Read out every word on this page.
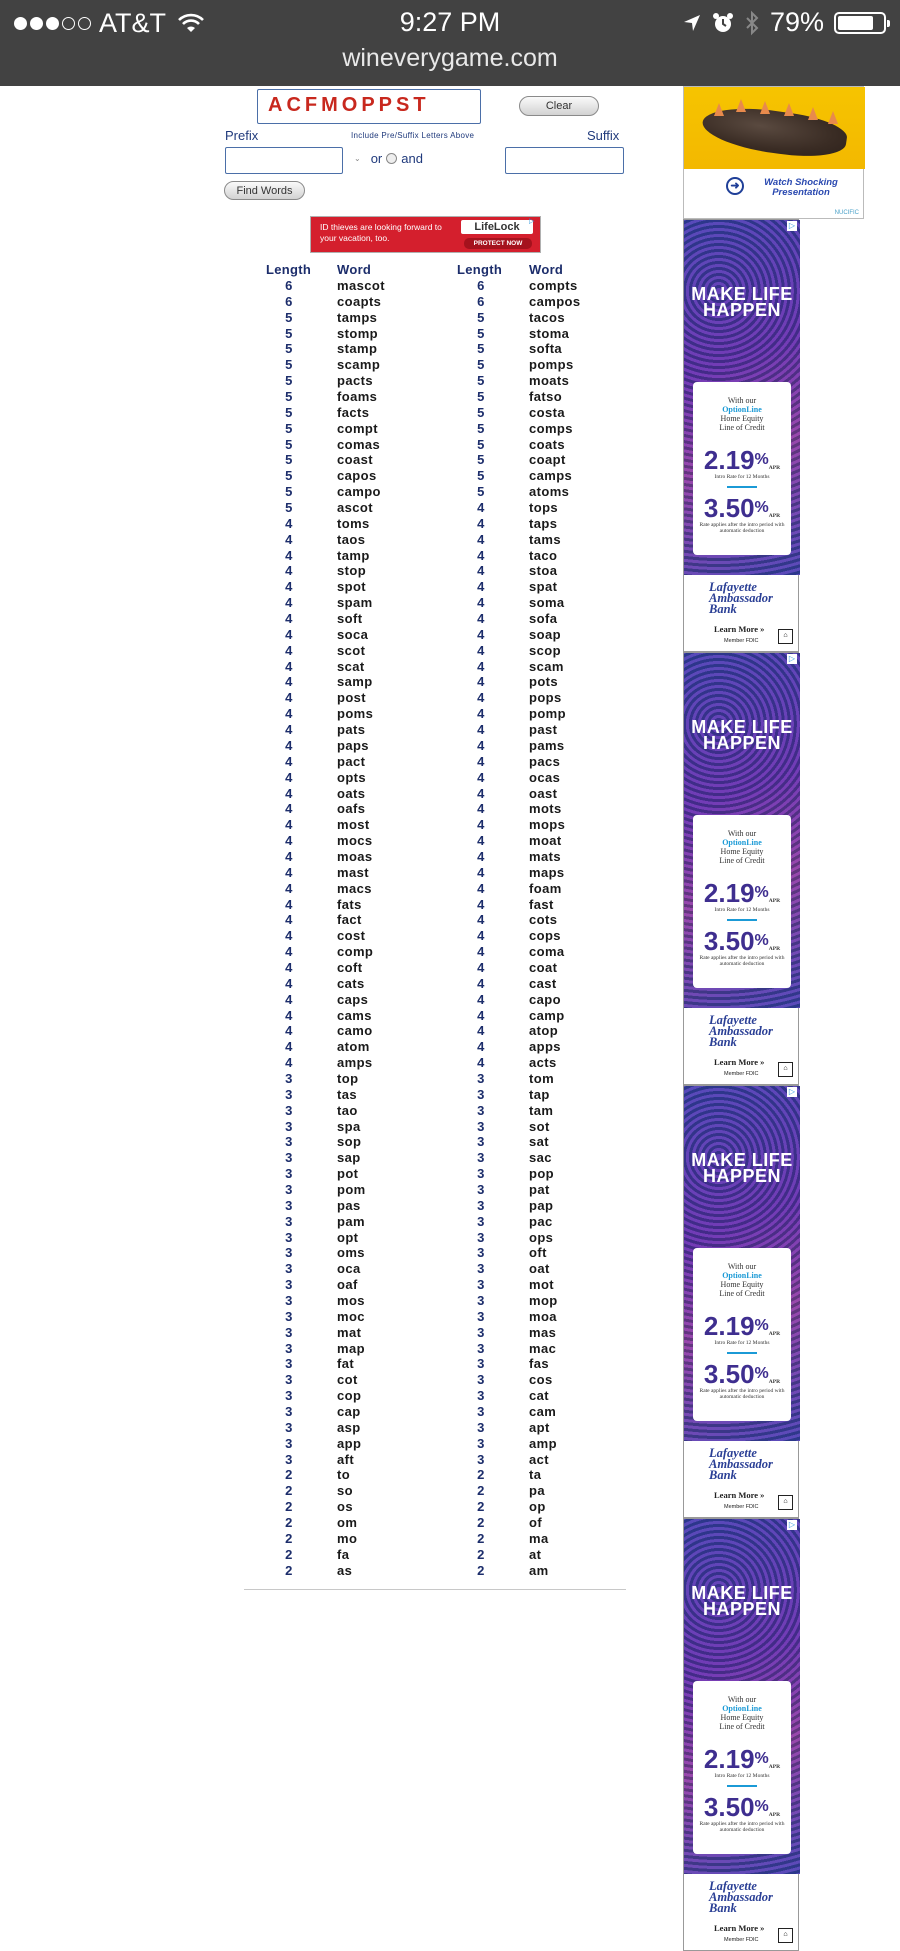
AT&T	9:27 PM	79%
wineverygame.com
ACFMOPPST	Clear
Prefix	Include Pre/Suffix Letters Above	Suffix
⌄ or and
Find Words
ID thieves are looking forward to your vacation, too.
LifeLock
PROTECT NOW
▷
Length Word	Length Word
6	mascot	6	compts
6	coapts	6	campos
5	tamps	5	tacos
5	stomp	5	stoma
5	stamp	5	softa
5	scamp	5	pomps
5	pacts	5	moats
5	foams	5	fatso
5	facts	5	costa
5	compt	5	comps
5	comas	5	coats
5	coast	5	coapt
5	capos	5	camps
5	campo	5	atoms
5	ascot	4	tops
4	toms	4	taps
4	taos	4	tams
4	tamp	4	taco
4	stop	4	stoa
4	spot	4	spat
4	spam	4	soma
4	soft	4	sofa
4	soca	4	soap
4	scot	4	scop
4	scat	4	scam
4	samp	4	pots
4	post	4	pops
4	poms	4	pomp
4	pats	4	past
4	paps	4	pams
4	pact	4	pacs
4	opts	4	ocas
4	oats	4	oast
4	oafs	4	mots
4	most	4	mops
4	mocs	4	moat
4	moas	4	mats
4	mast	4	maps
4	macs	4	foam
4	fats	4	fast
4	fact	4	cots
4	cost	4	cops
4	comp	4	coma
4	coft	4	coat
4	cats	4	cast
4	caps	4	capo
4	cams	4	camp
4	camo	4	atop
4	atom	4	apps
4	amps	4	acts
3	top	3	tom
3	tas	3	tap
3	tao	3	tam
3	spa	3	sot
3	sop	3	sat
3	sap	3	sac
3	pot	3	pop
3	pom	3	pat
3	pas	3	pap
3	pam	3	pac
3	opt	3	ops
3	oms	3	oft
3	oca	3	oat
3	oaf	3	mot
3	mos	3	mop
3	moc	3	moa
3	mat	3	mas
3	map	3	mac
3	fat	3	fas
3	cot	3	cos
3	cop	3	cat
3	cap	3	cam
3	asp	3	apt
3	app	3	amp
3	aft	3	act
2	to	2	ta
2	so	2	pa
2	os	2	op
2	om	2	of
2	mo	2	ma
2	fa	2	at
2	as	2	am
➜	Watch Shocking Presentation
NUCIFIC
MAKE LIFE HAPPEN
With our
OptionLine
Home Equity Line of Credit
2.19%APR
Intro Rate for 12 Months
3.50%APR
Rate applies after the intro period with automatic deduction
Lafayette Ambassador Bank
Learn More »
Member FDIC
⌂
▷
MAKE LIFE HAPPEN
With our
OptionLine
Home Equity Line of Credit
2.19%APR
Intro Rate for 12 Months
3.50%APR
Rate applies after the intro period with automatic deduction
Lafayette Ambassador Bank
Learn More »
Member FDIC
⌂
▷
MAKE LIFE HAPPEN
With our
OptionLine
Home Equity Line of Credit
2.19%APR
Intro Rate for 12 Months
3.50%APR
Rate applies after the intro period with automatic deduction
Lafayette Ambassador Bank
Learn More »
Member FDIC
⌂
▷
MAKE LIFE HAPPEN
With our
OptionLine
Home Equity Line of Credit
2.19%APR
Intro Rate for 12 Months
3.50%APR
Rate applies after the intro period with automatic deduction
Lafayette Ambassador Bank
Learn More »
Member FDIC
⌂
▷
